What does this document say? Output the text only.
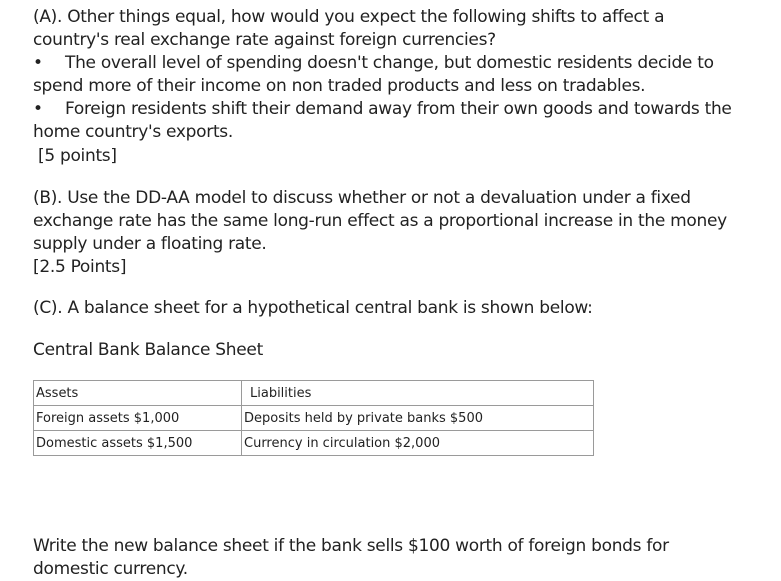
(A). Other things equal, how would you expect the following shifts to affect a
country's real exchange rate against foreign currencies?
•	The overall level of spending doesn't change, but domestic residents decide to
spend more of their income on non traded products and less on tradables.
•	Foreign residents shift their demand away from their own goods and towards the
home country's exports.
[5 points]
(B). Use the DD-AA model to discuss whether or not a devaluation under a fixed
exchange rate has the same long-run effect as a proportional increase in the money
supply under a floating rate.
[2.5 Points]
(C). A balance sheet for a hypothetical central bank is shown below:
Central Bank Balance Sheet
Assets	Liabilities
Foreign assets $1,000	Deposits held by private banks $500
Domestic assets $1,500	Currency in circulation $2,000
Write the new balance sheet if the bank sells $100 worth of foreign bonds for
domestic currency.
